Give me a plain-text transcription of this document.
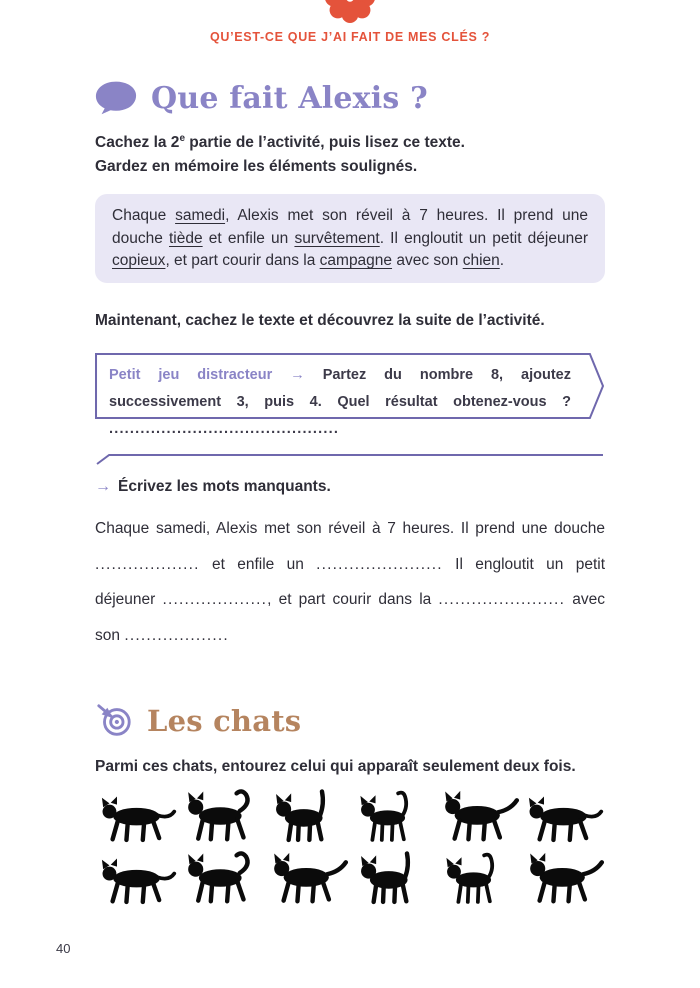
QU’EST-CE QUE J’AI FAIT DE MES CLÉS ?

Que fait Alexis ?

Cachez la 2e partie de l’activité, puis lisez ce texte.
Gardez en mémoire les éléments soulignés.

Chaque samedi, Alexis met son réveil à 7 heures. Il prend une douche tiède et enfile un survêtement. Il engloutit un petit déjeuner copieux, et part courir dans la campagne avec son chien.

Maintenant, cachez le texte et découvrez la suite de l’activité.

Petit jeu distracteur → Partez du nombre 8, ajoutez successivement 3, puis 4. Quel résultat obtenez-vous ? ............................................

→ Écrivez les mots manquants.

Chaque samedi, Alexis met son réveil à 7 heures. Il prend une douche ................... et enfile un ....................... Il engloutit un petit déjeuner ..................., et part courir dans la ....................... avec son ...................

Les chats

Parmi ces chats, entourez celui qui apparaît seulement deux fois.

40
